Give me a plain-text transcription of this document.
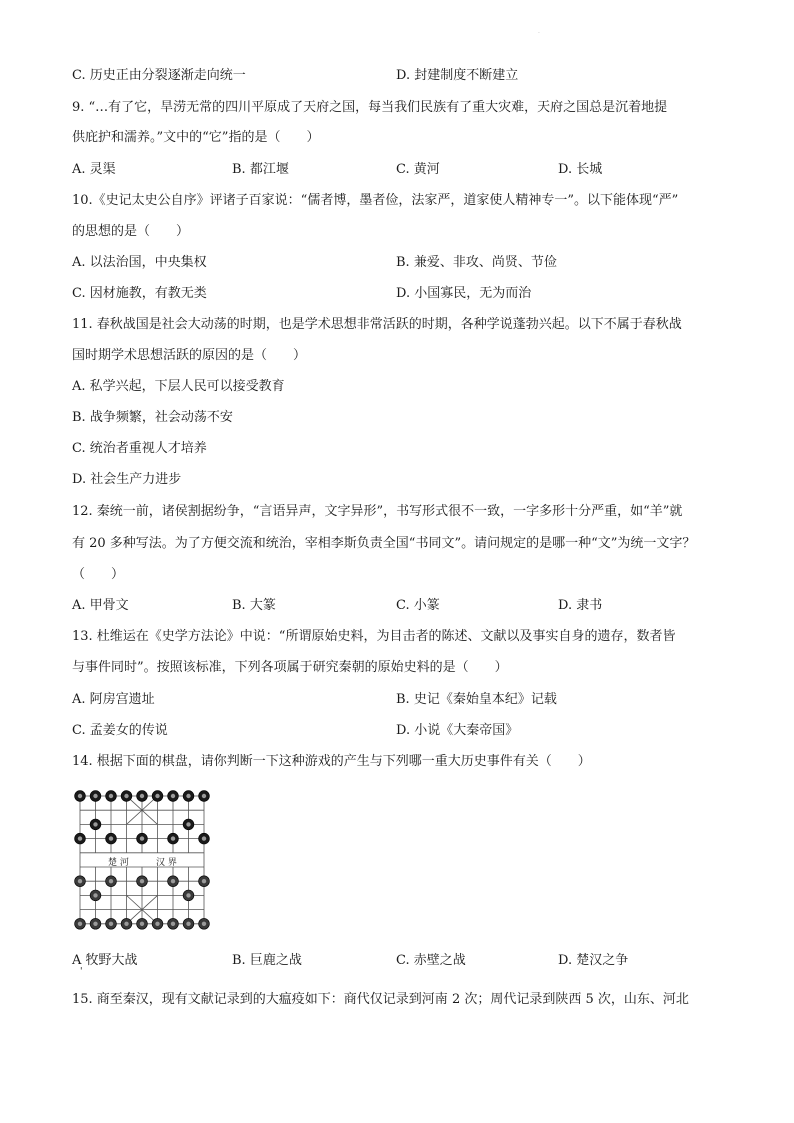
·
C. 历史正由分裂逐渐走向统一	D. 封建制度不断建立
9. “…有了它，旱涝无常的四川平原成了天府之国，每当我们民族有了重大灾难，天府之国总是沉着地提
供庇护和濡养。”文中的“它”指的是（　　）
A. 灵渠	B. 都江堰	C. 黄河	D. 长城
10.《史记太史公自序》评诸子百家说：“儒者博，墨者俭，法家严，道家使人精神专一”。以下能体现“严”
的思想的是（　　）
A. 以法治国，中央集权	B. 兼爱、非攻、尚贤、节俭
C. 因材施教，有教无类	D. 小国寡民，无为而治
11. 春秋战国是社会大动荡的时期，也是学术思想非常活跃的时期，各种学说蓬勃兴起。以下不属于春秋战
国时期学术思想活跃的原因的是（　　）
A. 私学兴起，下层人民可以接受教育
B. 战争频繁，社会动荡不安
C. 统治者重视人才培养
D. 社会生产力进步
12. 秦统一前，诸侯割据纷争，“言语异声，文字异形”，书写形式很不一致，一字多形十分严重，如“羊”就
有 20 多种写法。为了方便交流和统治，宰相李斯负责全国“书同文”。请问规定的是哪一种“文”为统一文字？
（　　）
A. 甲骨文	B. 大篆	C. 小篆	D. 隶书
13. 杜维运在《史学方法论》中说：“所谓原始史料，为目击者的陈述、文献以及事实自身的遗存，数者皆
与事件同时”。按照该标准，下列各项属于研究秦朝的原始史料的是（　　）
A. 阿房宫遗址	B. 史记《秦始皇本纪》记载
C. 孟姜女的传说	D. 小说《大秦帝国》
14. 根据下面的棋盘，请你判断一下这种游戏的产生与下列哪一重大历史事件有关（　　）
楚 河	汉 界
A 牧野大战	B. 巨鹿之战	C. 赤壁之战	D. 楚汉之争
'
15. 商至秦汉，现有文献记录到的大瘟疫如下：商代仅记录到河南 2 次；周代记录到陕西 5 次，山东、河北
